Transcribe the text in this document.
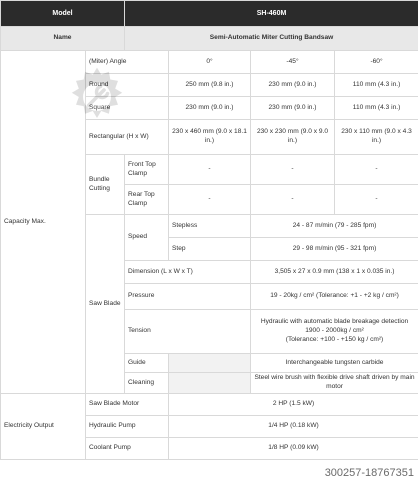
Model		SH-460M				
Name		Semi-Automatic Miter Cutting Bandsaw				
Capacity Max.	(Miter) Angle		0°	-45°	-60°	
	Round		250 mm (9.8 in.)	230 mm (9.0 in.)	110 mm (4.3 in.)	
	Square		230 mm (9.0 in.)	230 mm (9.0 in.)	110 mm (4.3 in.)	
	Rectangular (H x W)		230 x 460 mm (9.0 x 18.1 in.)	230 x 230 mm (9.0 x 9.0 in.)	230 x 110 mm (9.0 x 4.3 in.)	
	Bundle Cutting	Front Top Clamp	-	-	-	
		Rear Top Clamp	-	-	-	
	Saw Blade	Speed	Stepless	24 - 87 m/min (79 - 285 fpm)		
			Step	29 - 98 m/min (95 - 321 fpm)		
		Dimension (L x W x T)		3,505 x 27 x 0.9 mm (138 x 1 x 0.035 in.)		
		Pressure		19 - 20kg / cm² (Tolerance: +1 - +2 kg / cm²)		
		Tension		Hydraulic with automatic blade breakage detection
1900 - 2000kg / cm²
(Tolerance: +100 - +150 kg / cm²)		
		Guide		Interchangeable tungsten carbide		
		Cleaning		Steel wire brush with flexible drive shaft driven by main motor		
Electricity Output	Saw Blade Motor		2 HP (1.5 kW)			
	Hydraulic Pump		1/4 HP (0.18 kW)			
	Coolant Pump		1/8 HP (0.09 kW)			
300257-18767351
